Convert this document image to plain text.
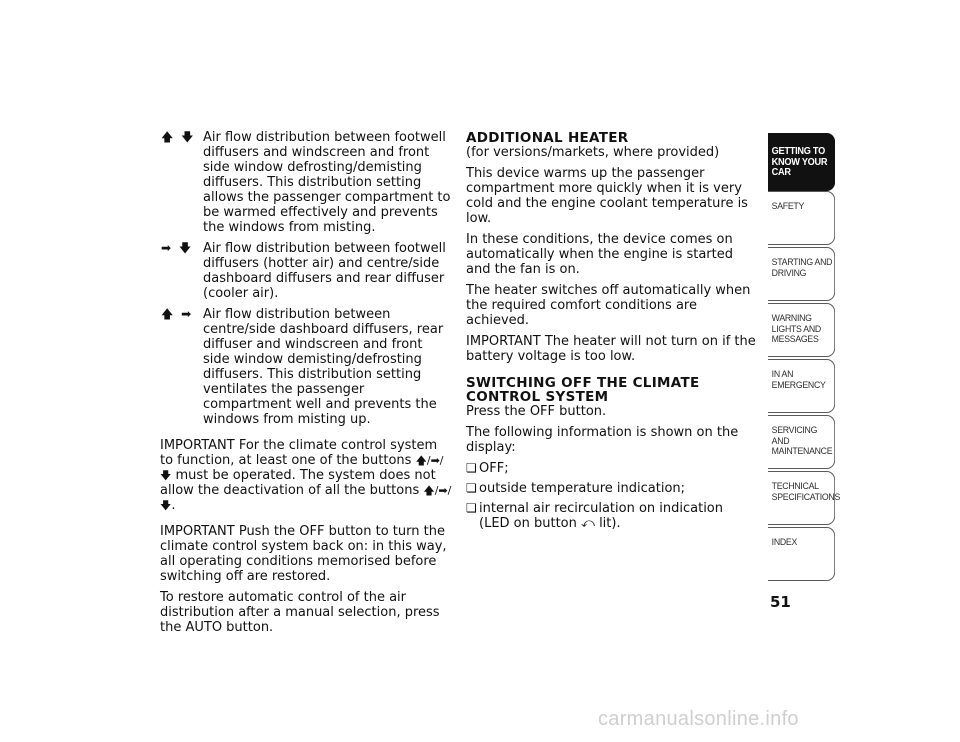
🡅 🡇 Air flow distribution between footwell diffusers and windscreen and front side window defrosting/demisting diffusers. This distribution setting allows the passenger compartment to be warmed effectively and prevents the windows from misting.

➡ 🡇 Air flow distribution between footwell diffusers (hotter air) and centre/side dashboard diffusers and rear diffuser (cooler air).

🡅 ➡ Air flow distribution between centre/side dashboard diffusers, rear diffuser and windscreen and front side window demisting/defrosting diffusers. This distribution setting ventilates the passenger compartment well and prevents the windows from misting up.

IMPORTANT For the climate control system to function, at least one of the buttons 🡅/➡/🡇 must be operated. The system does not allow the deactivation of all the buttons 🡅/➡/🡇.

IMPORTANT Push the OFF button to turn the climate control system back on: in this way, all operating conditions memorised before switching off are restored.

To restore automatic control of the air distribution after a manual selection, press the AUTO button.

ADDITIONAL HEATER

(for versions/markets, where provided)

This device warms up the passenger compartment more quickly when it is very cold and the engine coolant temperature is low.

In these conditions, the device comes on automatically when the engine is started and the fan is on.

The heater switches off automatically when the required comfort conditions are achieved.

IMPORTANT The heater will not turn on if the battery voltage is too low.

SWITCHING OFF THE CLIMATE CONTROL SYSTEM

Press the OFF button.

The following information is shown on the display:

❏ OFF;
❏ outside temperature indication;
❏ internal air recirculation on indication (LED on button ⤺ lit).
GETTING TO KNOW YOUR CAR
SAFETY
STARTING AND DRIVING
WARNING LIGHTS AND MESSAGES
IN AN EMERGENCY
SERVICING AND MAINTENANCE
TECHNICAL SPECIFICATIONS
INDEX
51
carmanualsonline.info
